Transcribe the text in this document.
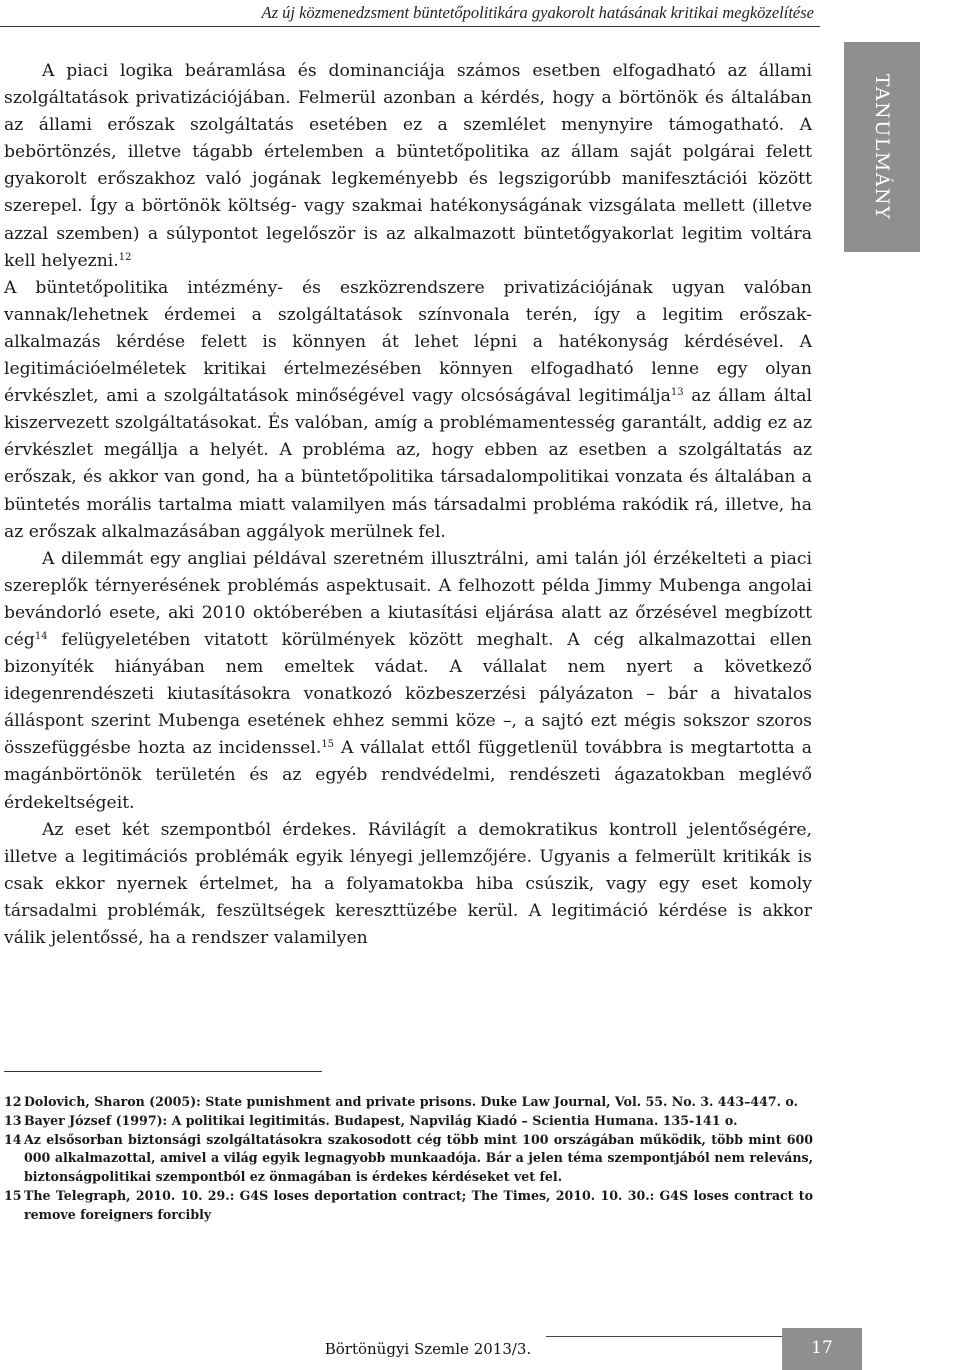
Az új közmenedzsment büntetőpolitikára gyakorolt hatásának kritikai megközelítése
TANULMÁNY

A piaci logika beáramlása és dominanciája számos esetben elfogadható az állami szolgáltatások privatizációjában. Felmerül azonban a kérdés, hogy a börtönök és általában az állami erőszak szolgáltatás esetében ez a szemlélet menynyire támogatható. A bebörtönzés, illetve tágabb értelemben a büntetőpolitika az állam saját polgárai felett gyakorolt erőszakhoz való jogának legkeményebb és legszigorúbb manifesztációi között szerepel. Így a börtönök költség- vagy szakmai hatékonyságának vizsgálata mellett (illetve azzal szemben) a súlypontot legelőször is az alkalmazott büntetőgyakorlat legitim voltára kell helyezni.$^{12}$
A büntetőpolitika intézmény- és eszközrendszere privatizációjának ugyan valóban vannak/lehetnek érdemei a szolgáltatások színvonala terén, így a legitim erőszak-alkalmazás kérdése felett is könnyen át lehet lépni a hatékonyság kérdésével. A legitimációelméletek kritikai értelmezésében könnyen elfogadható lenne egy olyan érvkészlet, ami a szolgáltatások minőségével vagy olcsóságával legitimálja$^{13}$ az állam által kiszervezett szolgáltatásokat. És valóban, amíg a problémamentesség garantált, addig ez az érvkészlet megállja a helyét. A probléma az, hogy ebben az esetben a szolgáltatás az erőszak, és akkor van gond, ha a büntetőpolitika társadalompolitikai vonzata és általában a büntetés morális tartalma miatt valamilyen más társadalmi probléma rakódik rá, illetve, ha az erőszak alkalmazásában aggályok merülnek fel.

A dilemmát egy angliai példával szeretném illusztrálni, ami talán jól érzékelteti a piaci szereplők térnyerésének problémás aspektusait. A felhozott példa Jimmy Mubenga angolai bevándorló esete, aki 2010 októberében a kiutasítási eljárása alatt az őrzésével megbízott cég$^{14}$ felügyeletében vitatott körülmények között meghalt. A cég alkalmazottai ellen bizonyíték hiányában nem emeltek vádat. A vállalat nem nyert a következő idegenrendészeti kiutasításokra vonatkozó közbeszerzési pályázaton – bár a hivatalos álláspont szerint Mubenga esetének ehhez semmi köze –, a sajtó ezt mégis sokszor szoros összefüggésbe hozta az incidenssel.$^{15}$ A vállalat ettől függetlenül továbbra is megtartotta a magánbörtönök területén és az egyéb rendvédelmi, rendészeti ágazatokban meglévő érdekeltségeit.

Az eset két szempontból érdekes. Rávilágít a demokratikus kontroll jelentőségére, illetve a legitimációs problémák egyik lényegi jellemzőjére. Ugyanis a felmerült kritikák is csak ekkor nyernek értelmet, ha a folyamatokba hiba csúszik, vagy egy eset komoly társadalmi problémák, feszültségek kereszttüzébe kerül. A legitimáció kérdése is akkor válik jelentőssé, ha a rendszer valamilyen

12 Dolovich, Sharon (2005): State punishment and private prisons. Duke Law Journal, Vol. 55. No. 3. 443–447. o.
13 Bayer József (1997): A politikai legitimitás. Budapest, Napvilág Kiadó – Scientia Humana. 135-141 o.
14 Az elsősorban biztonsági szolgáltatásokra szakosodott cég több mint 100 országában működik, több mint 600 000 alkalmazottal, amivel a világ egyik legnagyobb munkaadója. Bár a jelen téma szempontjából nem releváns, biztonságpolitikai szempontból ez önmagában is érdekes kérdéseket vet fel.
15 The Telegraph, 2010. 10. 29.: G4S loses deportation contract; The Times, 2010. 10. 30.: G4S loses contract to remove foreigners forcibly
Börtönügyi Szemle 2013/3.	17
